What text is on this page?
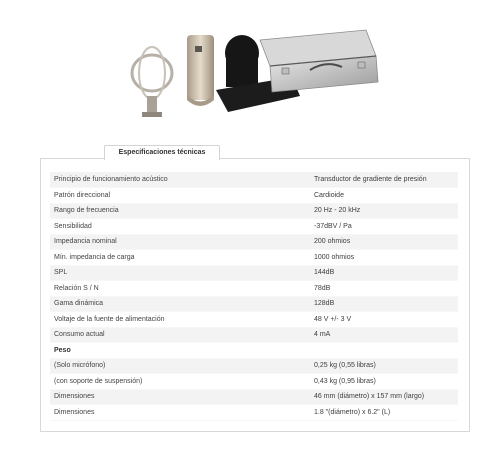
Especificaciones técnicas
Principio de funcionamiento acústico	Transductor de gradiente de presión
Patrón direccional	Cardioide
Rango de frecuencia	20 Hz - 20 kHz
Sensibilidad	-37dBV / Pa
Impedancia nominal	200 ohmios
Mín. impedancia de carga	1000 ohmios
SPL	144dB
Relación S / N	78dB
Gama dinámica	128dB
Voltaje de la fuente de alimentación	48 V +/- 3 V
Consumo actual	4 mA
Peso	
(Solo micrófono)	0,25 kg (0,55 libras)
(con soporte de suspensión)	0,43 kg (0,95 libras)
Dimensiones	46 mm (diámetro) x 157 mm (largo)
Dimensiones	1.8 "(diámetro) x 6.2" (L)
